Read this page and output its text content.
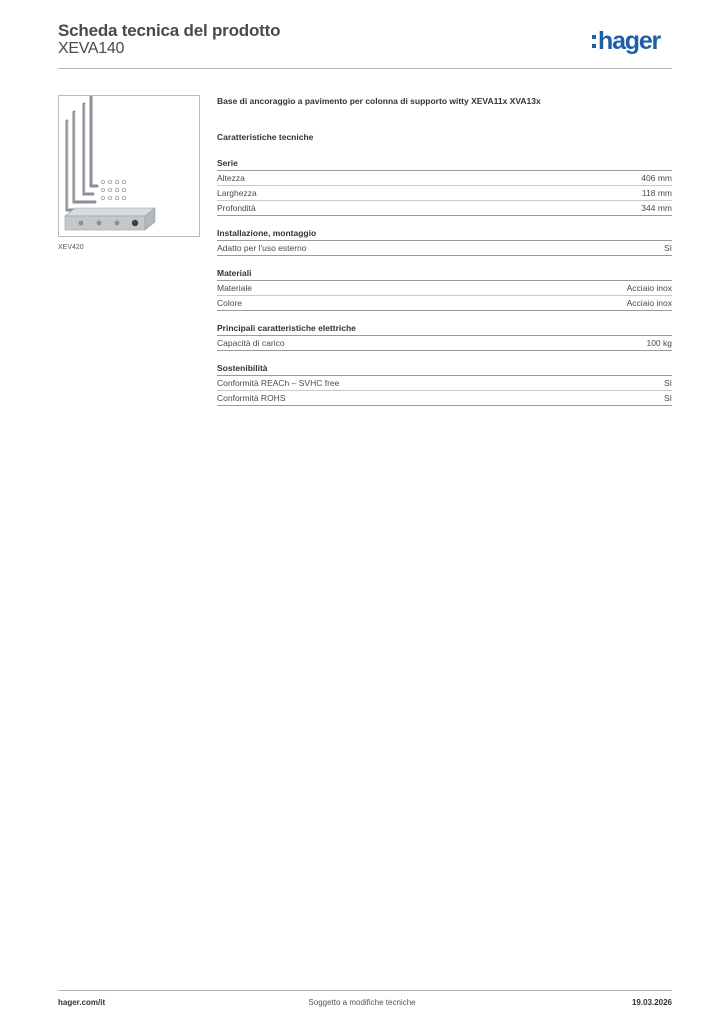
Scheda tecnica del prodotto
XEVA140	hager
XEV420
Base di ancoraggio a pavimento per colonna di supporto witty XEVA11x XVA13x
Caratteristiche tecniche
Serie
Altezza	406 mm
Larghezza	118 mm
Profondità	344 mm
Installazione, montaggio
Adatto per l'uso esterno	Sì
Materiali
Materiale	Acciaio inox
Colore	Acciaio inox
Principali caratteristiche elettriche
Capacità di carico	100 kg
Sostenibilità
Conformità REACh – SVHC free	Sì
Conformità ROHS	Sì
hager.com/it	Soggetto a modifiche tecniche	19.03.2026
